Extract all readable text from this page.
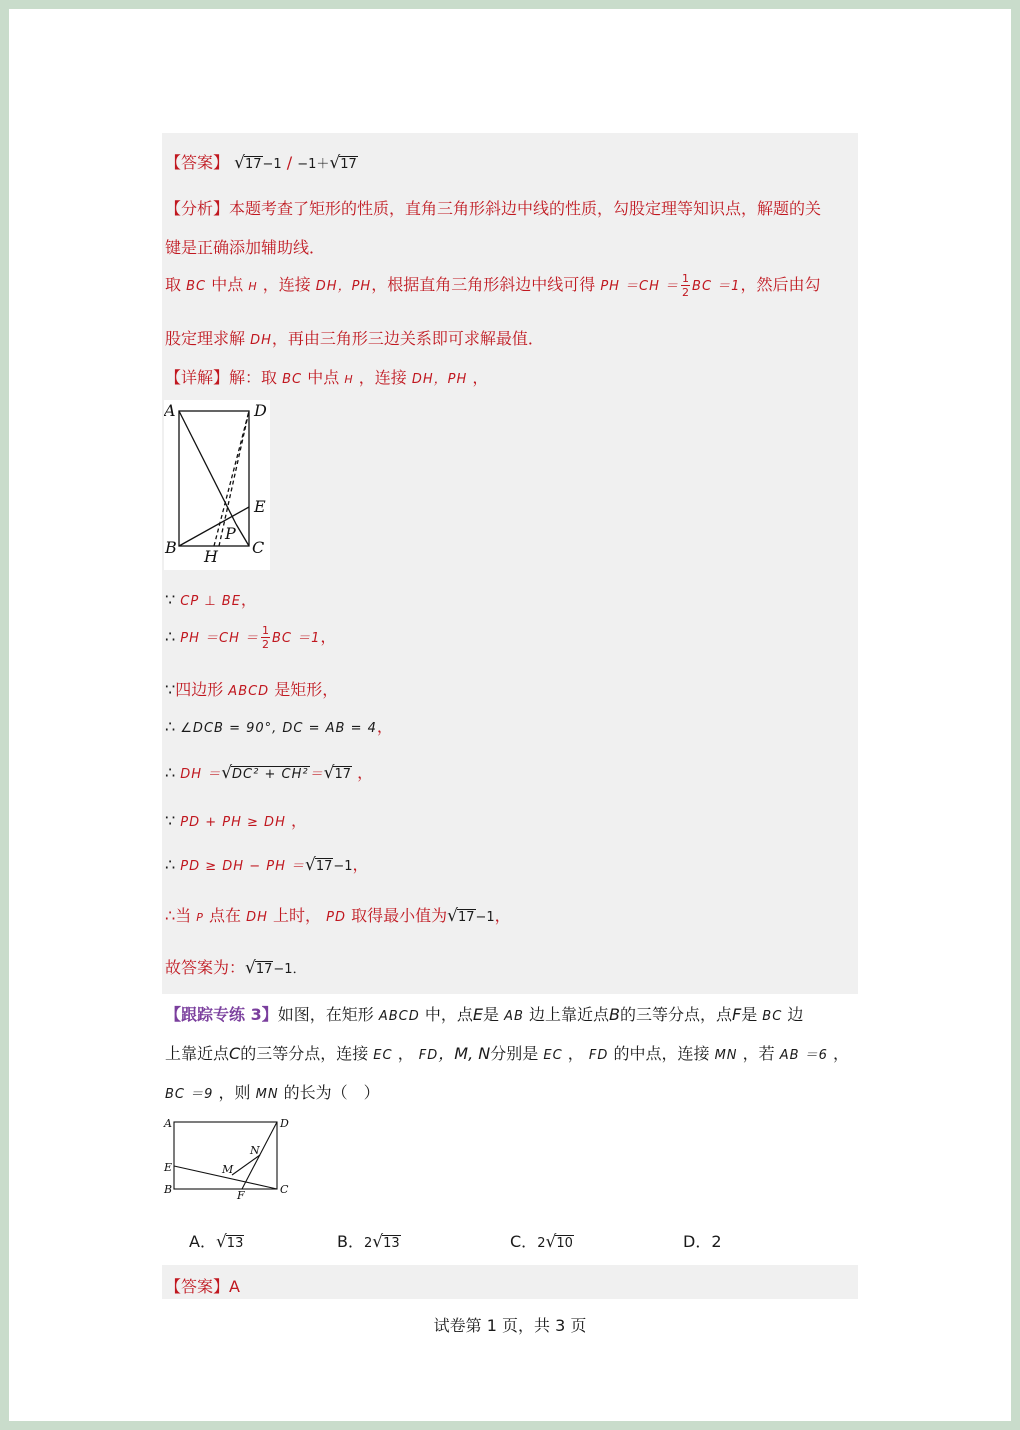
【答案】 √17−1 / −1＋√17
【分析】本题考查了矩形的性质，直角三角形斜边中线的性质，勾股定理等知识点，解题的关
键是正确添加辅助线．
取 BC 中点 H ，连接 DH，PH，根据直角三角形斜边中线可得 PH $=CH = \frac{1}{2}$ BC ＝1，然后由勾
股定理求解 DH，再由三角形三边关系即可求解最值．
【详解】解：取 BC 中点 H ，连接 DH，PH ，
A	D
E
P
B	C
H
∵ CP ⊥ BE，
∴ PH $=CH = \frac{1}{2}$ BC ＝1，
∵四边形 ABCD 是矩形，
∴ ∠DCB = 90°, DC = AB = 4，
∴ DH ＝√DC² + CH²＝√17 ，
∵ PD + PH ≥ DH ，
∴ PD ≥ DH − PH ＝√17−1，
∴当 P 点在 DH 上时， PD 取得最小值为√17−1，
故答案为：√17−1．
【跟踪专练 3】如图，在矩形 ABCD 中，点E是 AB 边上靠近点B的三等分点，点F是 BC 边
上靠近点C的三等分点，连接 EC ， FD，M, N分别是 EC ， FD 的中点，连接 MN ，若 AB ＝6 ，
BC ＝9 ，则 MN 的长为（　）
A	D
E
N
M
B	F	C
A．√13	B．2√13	C．2√10	D．2
【答案】A
试卷第 1 页，共 3 页
